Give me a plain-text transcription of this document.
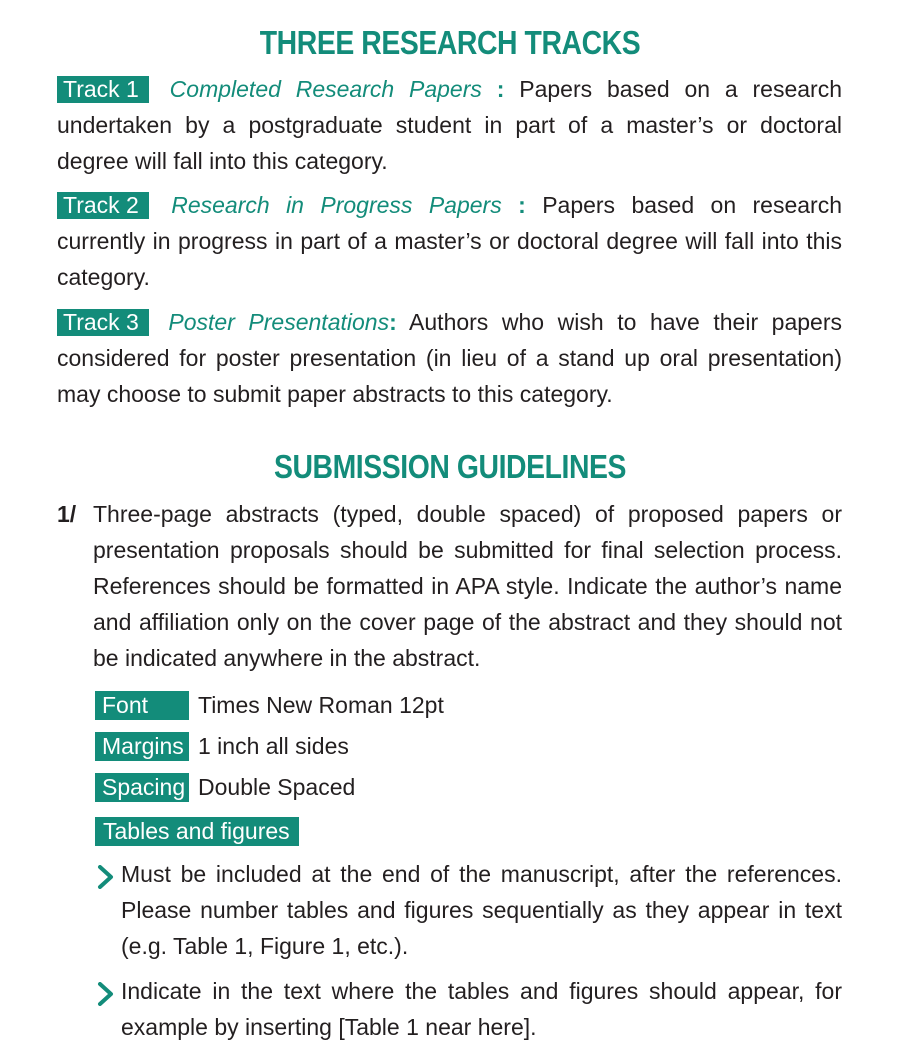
THREE RESEARCH TRACKS

Track 1 Completed Research Papers : Papers based on a research undertaken by a postgraduate student in part of a master’s or doctoral degree will fall into this category.

Track 2 Research in Progress Papers : Papers based on research currently in progress in part of a master’s or doctoral degree will fall into this category.

Track 3 Poster Presentations: Authors who wish to have their papers considered for poster presentation (in lieu of a stand up oral presentation) may choose to submit paper abstracts to this category.

SUBMISSION GUIDELINES
1/ Three-page abstracts (typed, double spaced) of proposed papers or presentation proposals should be submitted for final selection process. References should be formatted in APA style. Indicate the author’s name and affiliation only on the cover page of the abstract and they should not be indicated anywhere in the abstract.

Font	Times New Roman 12pt
Margins 1 inch all sides
Spacing Double Spaced
Tables and figures
Must be included at the end of the manuscript, after the references. Please number tables and figures sequentially as they appear in text (e.g. Table 1, Figure 1, etc.).
Indicate in the text where the tables and figures should appear, for example by inserting [Table 1 near here].
